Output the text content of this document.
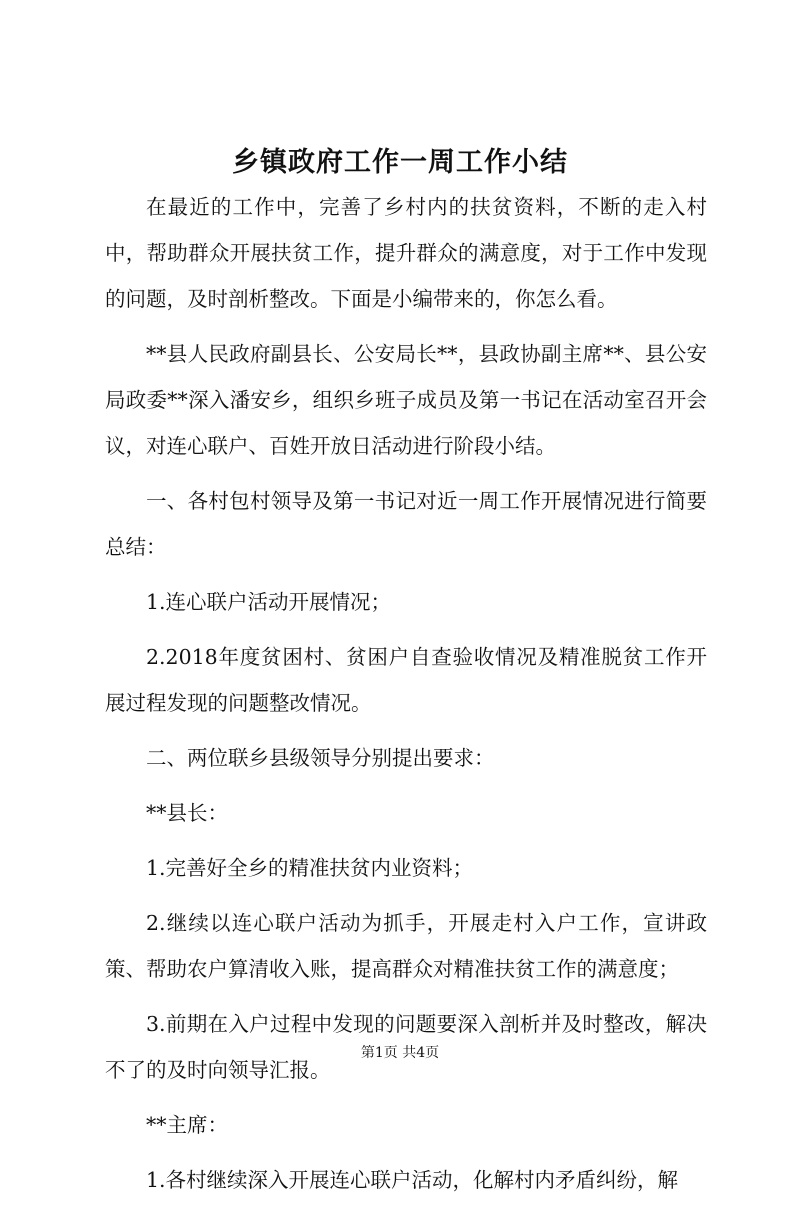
乡镇政府工作一周工作小结

在最近的工作中，完善了乡村内的扶贫资料，不断的走入村中，帮助群众开展扶贫工作，提升群众的满意度，对于工作中发现的问题，及时剖析整改。下面是小编带来的，你怎么看。

**县人民政府副县长、公安局长**，县政协副主席**、县公安局政委**深入潘安乡，组织乡班子成员及第一书记在活动室召开会议，对连心联户、百姓开放日活动进行阶段小结。

一、各村包村领导及第一书记对近一周工作开展情况进行简要总结：

1.连心联户活动开展情况；

2.2018年度贫困村、贫困户自查验收情况及精准脱贫工作开展过程发现的问题整改情况。

二、两位联乡县级领导分别提出要求：

**县长：

1.完善好全乡的精准扶贫内业资料；

2.继续以连心联户活动为抓手，开展走村入户工作，宣讲政策、帮助农户算清收入账，提高群众对精准扶贫工作的满意度；

3.前期在入户过程中发现的问题要深入剖析并及时整改，解决不了的及时向领导汇报。

**主席：

1.各村继续深入开展连心联户活动，化解村内矛盾纠纷，解

第1页 共4页
